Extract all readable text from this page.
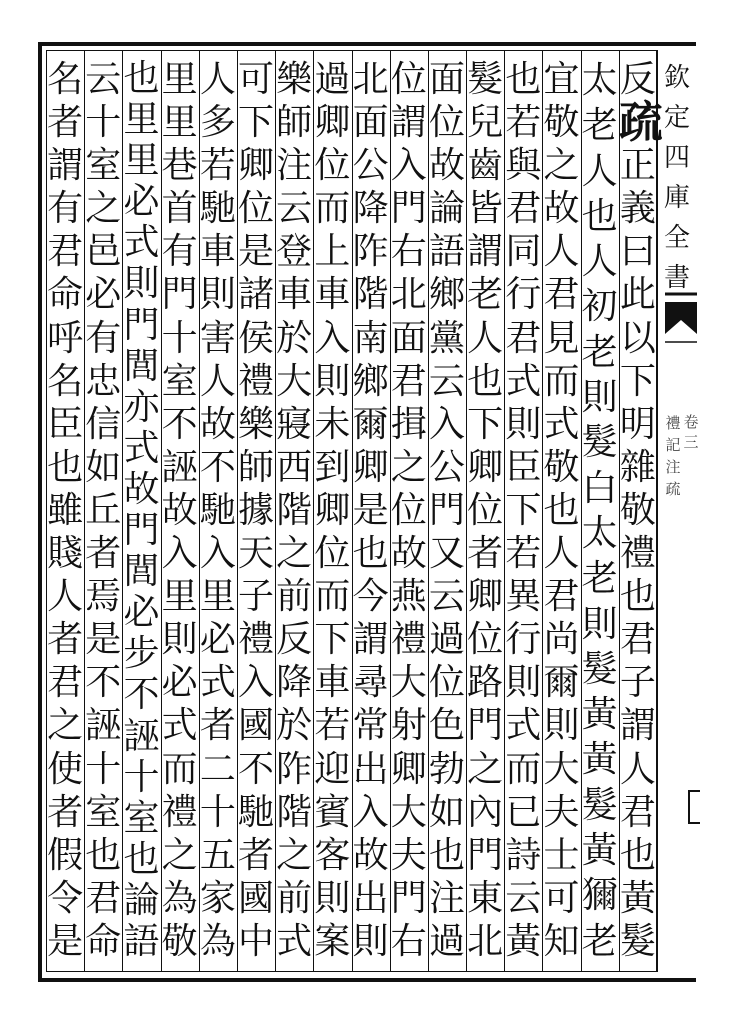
欽
定
四
庫
全
書
卷
三
禮
記
注
疏
反
疏
正
義
曰
此
以
下
明
雜
敬
禮
也
君
子
謂
人
君
也
黃
髮
太
老
人
也
人
初
老
則
髮
白
太
老
則
髮
黃
黃
髮
黃
獮
老
宜
敬
之
故
人
君
見
而
式
敬
也
人
君
尚
爾
則
大
夫
士
可
知
也
若
與
君
同
行
君
式
則
臣
下
若
異
行
則
式
而
已
詩
云
黃
髮
兒
齒
皆
謂
老
人
也
下
卿
位
者
卿
位
路
門
之
內
門
東
北
面
位
故
論
語
鄉
黨
云
入
公
門
又
云
過
位
色
勃
如
也
注
過
位
謂
入
門
右
北
面
君
揖
之
位
故
燕
禮
大
射
卿
大
夫
門
右
北
面
公
降
阼
階
南
鄉
爾
卿
是
也
今
謂
尋
常
出
入
故
出
則
過
卿
位
而
上
車
入
則
未
到
卿
位
而
下
車
若
迎
賓
客
則
案
樂
師
注
云
登
車
於
大
寢
西
階
之
前
反
降
於
阼
階
之
前
式
可
下
卿
位
是
諸
侯
禮
樂
師
據
天
子
禮
入
國
不
馳
者
國
中
人
多
若
馳
車
則
害
人
故
不
馳
入
里
必
式
者
二
十
五
家
為
里
里
巷
首
有
門
十
室
不
誣
故
入
里
則
必
式
而
禮
之
為
敬
也
里
里
必
式
則
門
閭
亦
式
故
門
閭
必
步
不
誣
十
室
也
論
語
云
十
室
之
邑
必
有
忠
信
如
丘
者
焉
是
不
誣
十
室
也
君
命
名
者
謂
有
君
命
呼
名
臣
也
雖
賤
人
者
君
之
使
者
假
令
是
